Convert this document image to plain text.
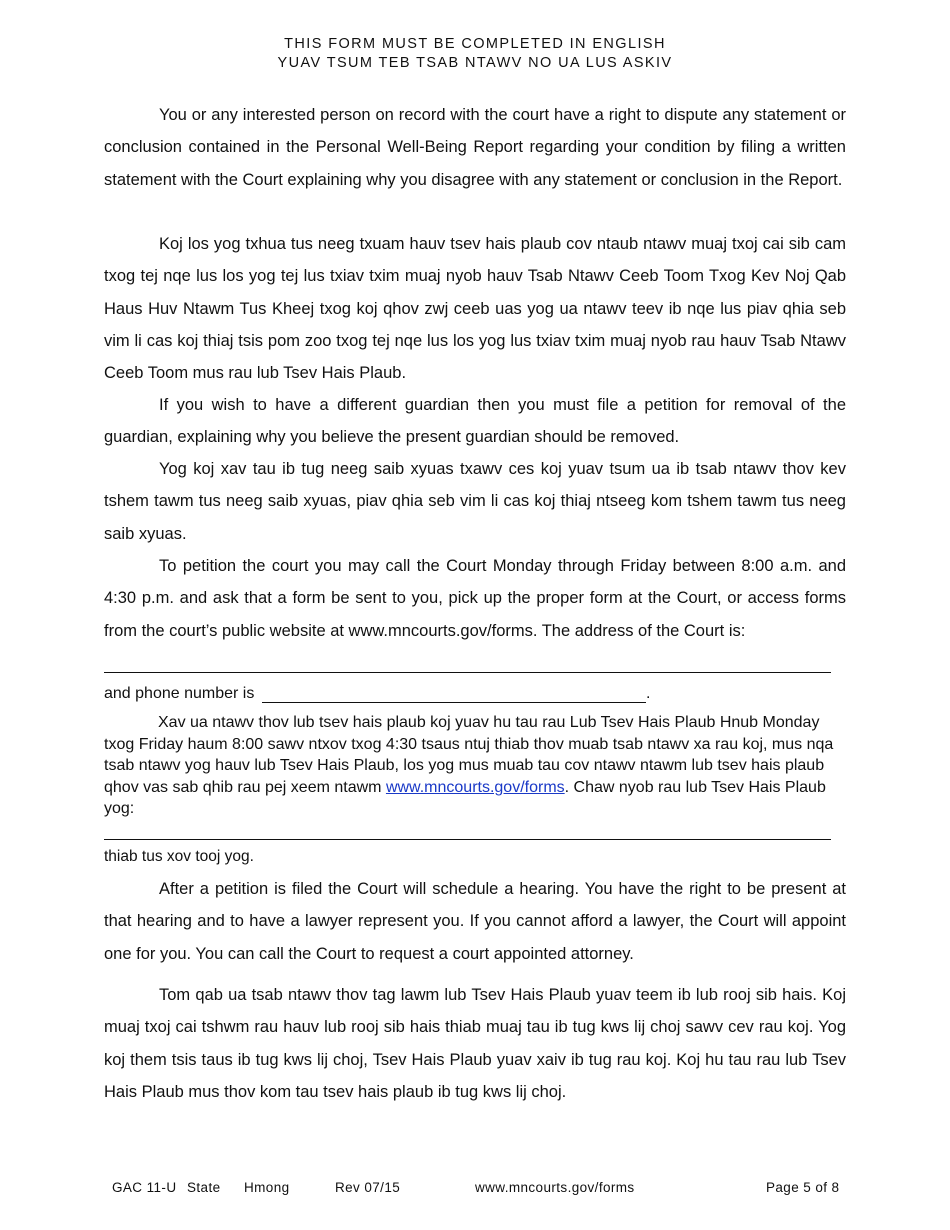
THIS FORM MUST BE COMPLETED IN ENGLISH
YUAV TSUM TEB TSAB NTAWV NO UA LUS ASKIV
You or any interested person on record with the court have a right to dispute any statement or conclusion contained in the Personal Well-Being Report regarding your condition by filing a written statement with the Court explaining why you disagree with any statement or conclusion in the Report.
Koj los yog txhua tus neeg txuam hauv tsev hais plaub cov ntaub ntawv muaj txoj cai sib cam txog tej nqe lus los yog tej lus txiav txim muaj nyob hauv Tsab Ntawv Ceeb Toom Txog Kev Noj Qab Haus Huv Ntawm Tus Kheej txog koj qhov zwj ceeb uas yog ua ntawv teev ib nqe lus piav qhia seb vim li cas koj thiaj tsis pom zoo txog tej nqe lus los yog lus txiav txim muaj nyob rau hauv Tsab Ntawv Ceeb Toom mus rau lub Tsev Hais Plaub.
If you wish to have a different guardian then you must file a petition for removal of the guardian, explaining why you believe the present guardian should be removed.
Yog koj xav tau ib tug neeg saib xyuas txawv ces koj yuav tsum ua ib tsab ntawv thov kev tshem tawm tus neeg saib xyuas, piav qhia seb vim li cas koj thiaj ntseeg kom tshem tawm tus neeg saib xyuas.
To petition the court you may call the Court Monday through Friday between 8:00 a.m. and 4:30 p.m. and ask that a form be sent to you, pick up the proper form at the Court, or access forms from the court’s public website at www.mncourts.gov/forms. The address of the Court is:
and phone number is	.
Xav ua ntawv thov lub tsev hais plaub koj yuav hu tau rau Lub Tsev Hais Plaub Hnub Monday txog Friday haum 8:00 sawv ntxov txog 4:30 tsaus ntuj thiab thov muab tsab ntawv xa rau koj, mus nqa tsab ntawv yog hauv lub Tsev Hais Plaub, los yog mus muab tau cov ntawv ntawm lub tsev hais plaub qhov vas sab qhib rau pej xeem ntawm www.mncourts.gov/forms. Chaw nyob rau lub Tsev Hais Plaub yog:
thiab tus xov tooj yog.
After a petition is filed the Court will schedule a hearing. You have the right to be present at that hearing and to have a lawyer represent you. If you cannot afford a lawyer, the Court will appoint one for you. You can call the Court to request a court appointed attorney.
Tom qab ua tsab ntawv thov tag lawm lub Tsev Hais Plaub yuav teem ib lub rooj sib hais. Koj muaj txoj cai tshwm rau hauv lub rooj sib hais thiab muaj tau ib tug kws lij choj sawv cev rau koj. Yog koj them tsis taus ib tug kws lij choj, Tsev Hais Plaub yuav xaiv ib tug rau koj. Koj hu tau rau lub Tsev Hais Plaub mus thov kom tau tsev hais plaub ib tug kws lij choj.
GAC 11-U State Hmong	Rev 07/15	www.mncourts.gov/forms	Page 5 of 8
